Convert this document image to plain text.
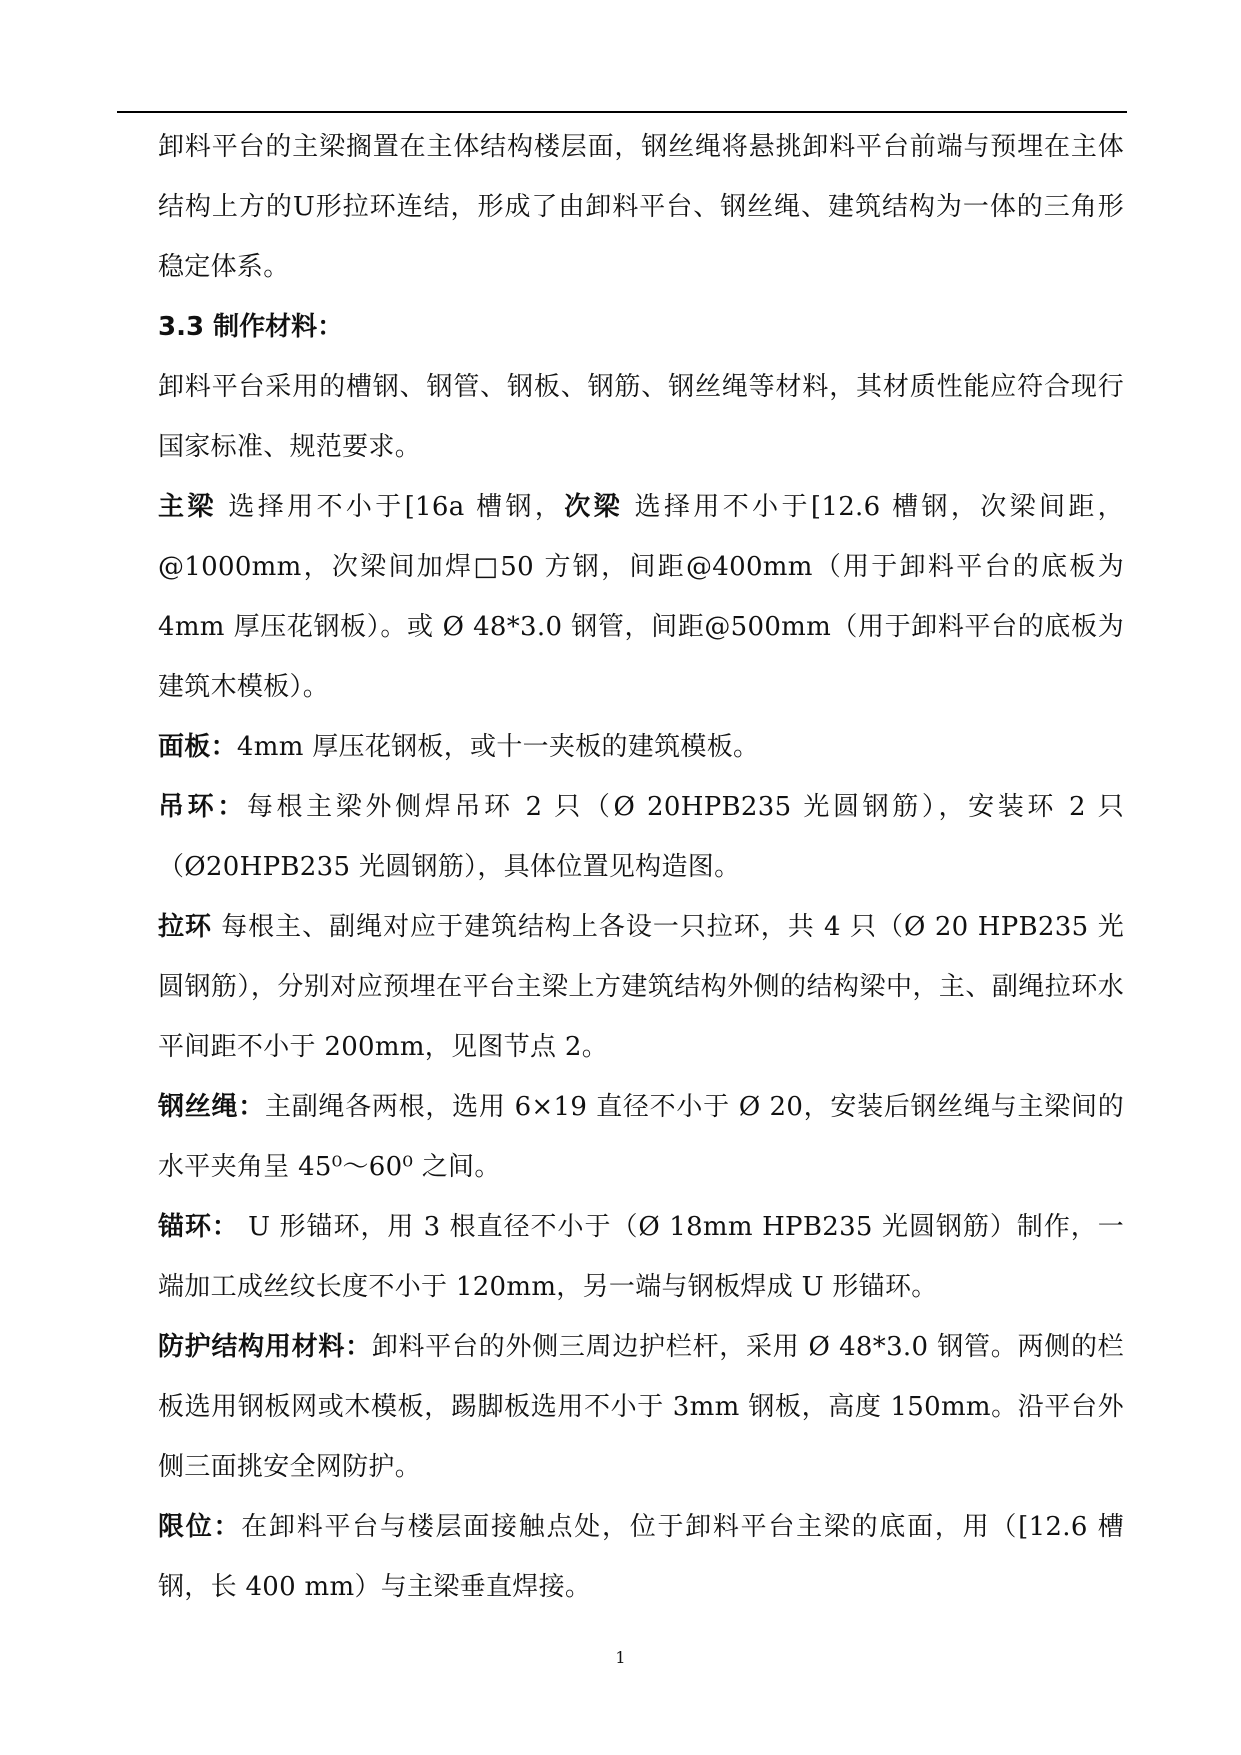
卸料平台的主梁搁置在主体结构楼层面，钢丝绳将悬挑卸料平台前端与预埋在主体结构上方的U形拉环连结，形成了由卸料平台、钢丝绳、建筑结构为一体的三角形稳定体系。

3.3 制作材料：

卸料平台采用的槽钢、钢管、钢板、钢筋、钢丝绳等材料，其材质性能应符合现行国家标准、规范要求。

主梁 选择用不小于[16a 槽钢，次梁 选择用不小于[12.6 槽钢，次梁间距，@1000mm，次梁间加焊□50 方钢，间距@400mm（用于卸料平台的底板为 4mm 厚压花钢板）。或 Ø 48*3.0 钢管，间距@500mm（用于卸料平台的底板为建筑木模板）。

面板：4mm 厚压花钢板，或十一夹板的建筑模板。

吊环：每根主梁外侧焊吊环 2 只（Ø 20HPB235 光圆钢筋），安装环 2 只（Ø20HPB235 光圆钢筋），具体位置见构造图。

拉环 每根主、副绳对应于建筑结构上各设一只拉环，共 4 只（Ø 20 HPB235 光圆钢筋），分别对应预埋在平台主梁上方建筑结构外侧的结构梁中，主、副绳拉环水平间距不小于 200mm，见图节点 2。

钢丝绳：主副绳各两根，选用 6×19 直径不小于 Ø 20，安装后钢丝绳与主梁间的水平夹角呈 45⁰～60⁰ 之间。

锚环： U 形锚环，用 3 根直径不小于（Ø 18mm HPB235 光圆钢筋）制作，一端加工成丝纹长度不小于 120mm，另一端与钢板焊成 U 形锚环。

防护结构用材料：卸料平台的外侧三周边护栏杆，采用 Ø 48*3.0 钢管。两侧的栏板选用钢板网或木模板，踢脚板选用不小于 3mm 钢板，高度 150mm。沿平台外侧三面挑安全网防护。

限位：在卸料平台与楼层面接触点处，位于卸料平台主梁的底面，用（[12.6 槽钢，长 400 mm）与主梁垂直焊接。

1
